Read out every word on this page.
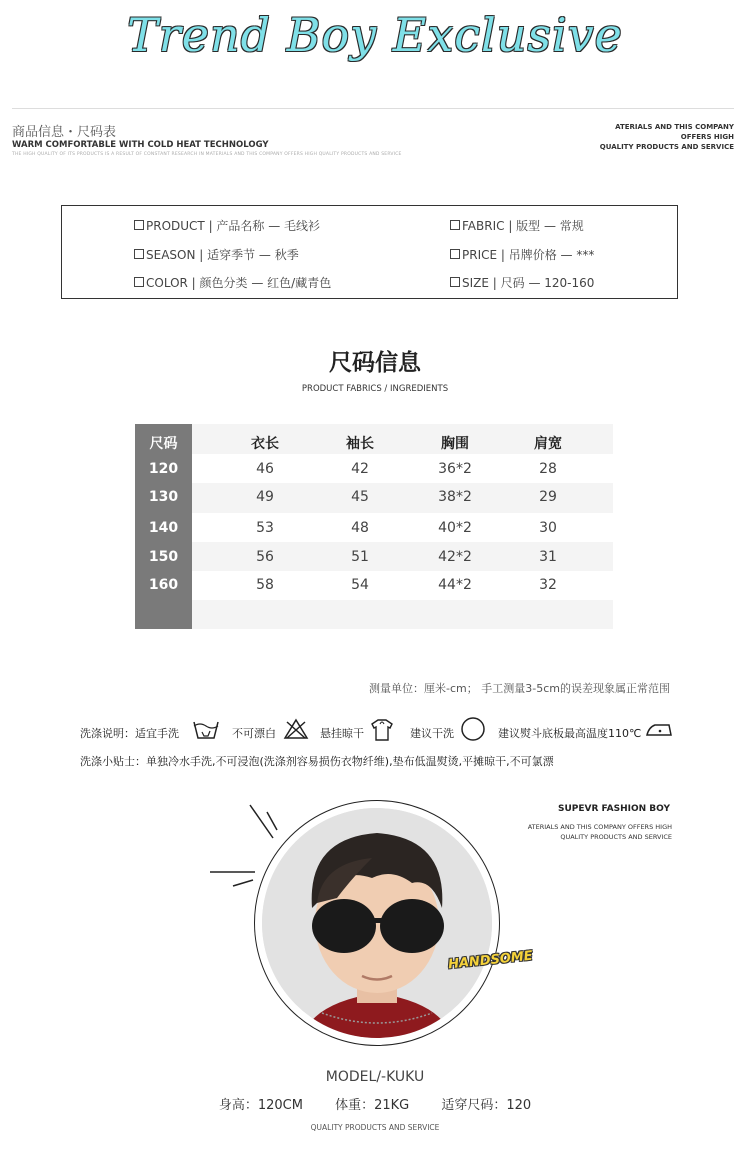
Trend Boy Exclusive
商品信息・尺码表
WARM COMFORTABLE WITH COLD HEAT TECHNOLOGY
THE HIGH QUALITY OF ITS PRODUCTS IS A RESULT OF CONSTANT RESEARCH IN MATERIALS AND THIS COMPANY OFFERS HIGH QUALITY PRODUCTS AND SERVICE
ATERIALS AND THIS COMPANY
OFFERS HIGH
QUALITY PRODUCTS AND SERVICE
PRODUCT | 产品名称 — 毛线衫	FABRIC | 版型 — 常规
SEASON | 适穿季节 — 秋季	PRICE | 吊牌价格 — ***
COLOR | 颜色分类 — 红色/藏青色	SIZE | 尺码 — 120-160
尺码信息
PRODUCT FABRICS / INGREDIENTS
尺码	衣长	袖长	胸围	肩宽
120	46	42	36*2	28
130	49	45	38*2	29
140	53	48	40*2	30
150	56	51	42*2	31
160	58	54	44*2	32
测量单位：厘米-cm； 手工测量3-5cm的误差现象属正常范围
洗涤说明：适宜手洗	不可漂白	悬挂晾干	建议干洗	建议熨斗底板最高温度110℃
洗涤小贴士：单独冷水手洗,不可浸泡(洗涤剂容易损伤衣物纤维),垫布低温熨烫,平摊晾干,不可氯漂
SUPEVR FASHION BOY
ATERIALS AND THIS COMPANY OFFERS HIGH
QUALITY PRODUCTS AND SERVICE
HANDSOME
MODEL/-KUKU
身高：120CM 体重：21KG 适穿尺码：120
QUALITY PRODUCTS AND SERVICE
